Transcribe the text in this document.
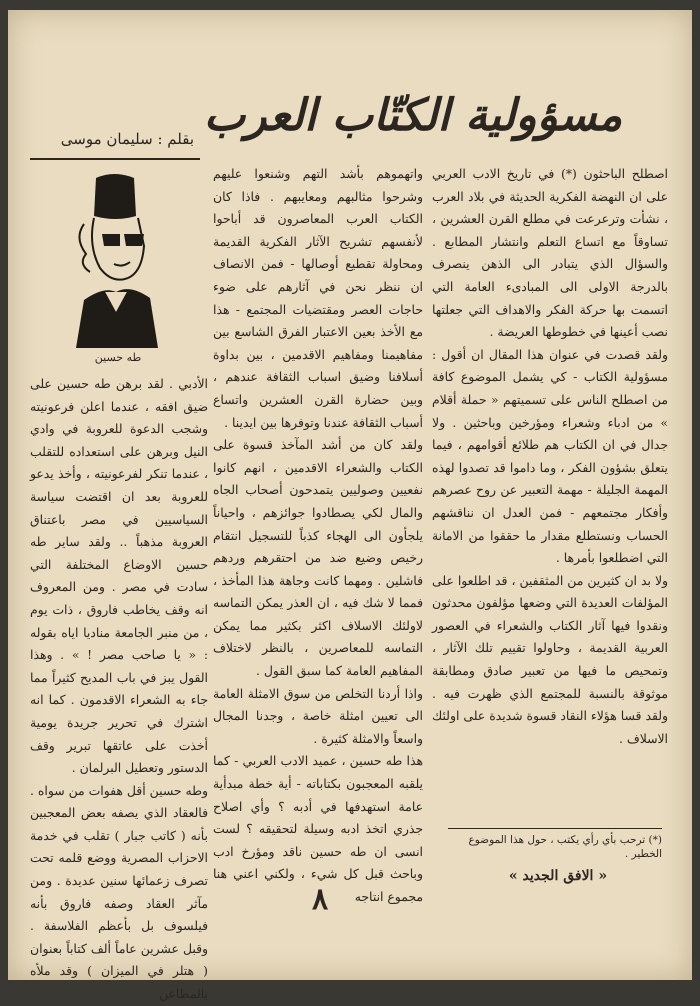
مسؤولية الكتّاب العرب
بقلم : سليمان موسى
طه حسين

اصطلح الباحثون (*) في تاريخ الادب العربي على ان النهضة الفكرية الحديثة في بلاد العرب ، نشأت وترعرعت في مطلع القرن العشرين ، تساوقاً مع اتساع التعلم وانتشار المطابع . والسؤال الذي يتبادر الى الذهن ينصرف بالدرجة الاولى الى المبادىء العامة التي اتسمت بها حركة الفكر والاهداف التي جعلتها نصب أعينها في خطوطها العريضة .

ولقد قصدت في عنوان هذا المقال ان أقول : مسؤولية الكتاب - كي يشمل الموضوع كافة من اصطلح الناس على تسميتهم « حملة أقلام » من ادباء وشعراء ومؤرخين وباحثين . ولا جدال في ان الكتاب هم طلائع أقوامهم ، فيما يتعلق بشؤون الفكر ، وما داموا قد تصدوا لهذه المهمة الجليلة - مهمة التعبير عن روح عصرهم وأفكار مجتمعهم - فمن العدل ان نناقشهم الحساب ونستطلع مقدار ما حققوا من الامانة التي اضطلعوا بأمرها .

ولا بد ان كثيرين من المثقفين ، قد اطلعوا على المؤلفات العديدة التي وضعها مؤلفون محدثون ونقدوا فيها آثار الكتاب والشعراء في العصور العربية القديمة ، وحاولوا تقييم تلك الآثار ، وتمحيص ما فيها من تعبير صادق ومطابقة موثوقة بالنسبة للمجتمع الذي ظهرت فيه . ولقد قسا هؤلاء النقاد قسوة شديدة على اولئك الاسلاف .

واتهموهم بأشد التهم وشنعوا عليهم وشرحوا مثالبهم ومعايبهم . فاذا كان الكتاب العرب المعاصرون قد أباحوا لأنفسهم تشريح الآثار الفكرية القديمة ومحاولة تقطيع أوصالها - فمن الانصاف ان ننظر نحن في آثارهم على ضوء حاجات العصر ومقتضيات المجتمع - هذا مع الأخذ بعين الاعتبار الفرق الشاسع بين مفاهيمنا ومفاهيم الاقدمين ، بين بداوة أسلافنا وضيق اسباب الثقافة عندهم ، وبين حضارة القرن العشرين واتساع أسباب الثقافة عندنا وتوفرها بين ايدينا .

ولقد كان من أشد المآخذ قسوة على الكتاب والشعراء الاقدمين ، انهم كانوا نفعيين وصوليين يتمدحون أصحاب الجاه والمال لكي يصطادوا جوائزهم ، واحياناً يلجأون الى الهجاء كذباً للتسجيل انتقام رخيص وضيع ضد من احتقرهم وردهم فاشلين . ومهما كانت وجاهة هذا المأخذ ، فمما لا شك فيه ، ان العذر يمكن التماسه لاولئك الاسلاف اكثر بكثير مما يمكن التماسه للمعاصرين ، بالنظر لاختلاف المفاهيم العامة كما سبق القول .

واذا أردنا التخلص من سوق الامثلة العامة الى تعيين امثلة خاصة ، وجدنا المجال واسعاً والامثلة كثيرة .

هذا طه حسين ، عميد الادب العربي - كما يلقبه المعجبون بكتاباته - أية خطة مبدأية عامة استهدفها في أدبه ؟ وأي اصلاح جذري اتخذ ادبه وسيلة لتحقيقه ؟ لست انسى ان طه حسين ناقد ومؤرخ ادب وباحث قبل كل شيء ، ولكني اعني هنا مجموع انتاجه

الأدبي . لقد برهن طه حسين على ضيق افقه ، عندما اعلن فرعونيته وشجب الدعوة للعروبة في وادي النيل وبرهن على استعداده للتقلب ، عندما تنكر لفرعونيته ، وأخذ يدعو للعروبة بعد ان اقتضت سياسة السياسيين في مصر باعتناق العروبة مذهباً .. ولقد ساير طه حسين الاوضاع المختلفة التي سادت في مصر . ومن المعروف انه وقف يخاطب فاروق ، ذات يوم ، من منبر الجامعة مناديا اياه بقوله : « يا صاحب مصر ! » . وهذا القول يبز في باب المديح كثيراً مما جاء به الشعراء الاقدمون . كما انه اشترك في تحرير جريدة يومية أخذت على عاتقها تبرير وقف الدستور وتعطيل البرلمان .

وطه حسين أقل هفوات من سواه . فالعقاد الذي يصفه بعض المعجبين بأنه ( كاتب جبار ) تقلب في خدمة الاحزاب المصرية ووضع قلمه تحت تصرف زعمائها سنين عديدة . ومن مآثر العقاد وصفه فاروق بأنه فيلسوف بل بأعظم الفلاسفة . وقبل عشرين عاماً ألف كتاباً بعنوان ( هتلر في الميزان ) وقد ملأه بالمطاعن

(*) ترحب بأي رأي يكتب ، حول هذا الموضوع الخطير .
« الافق الجديد »
٨
